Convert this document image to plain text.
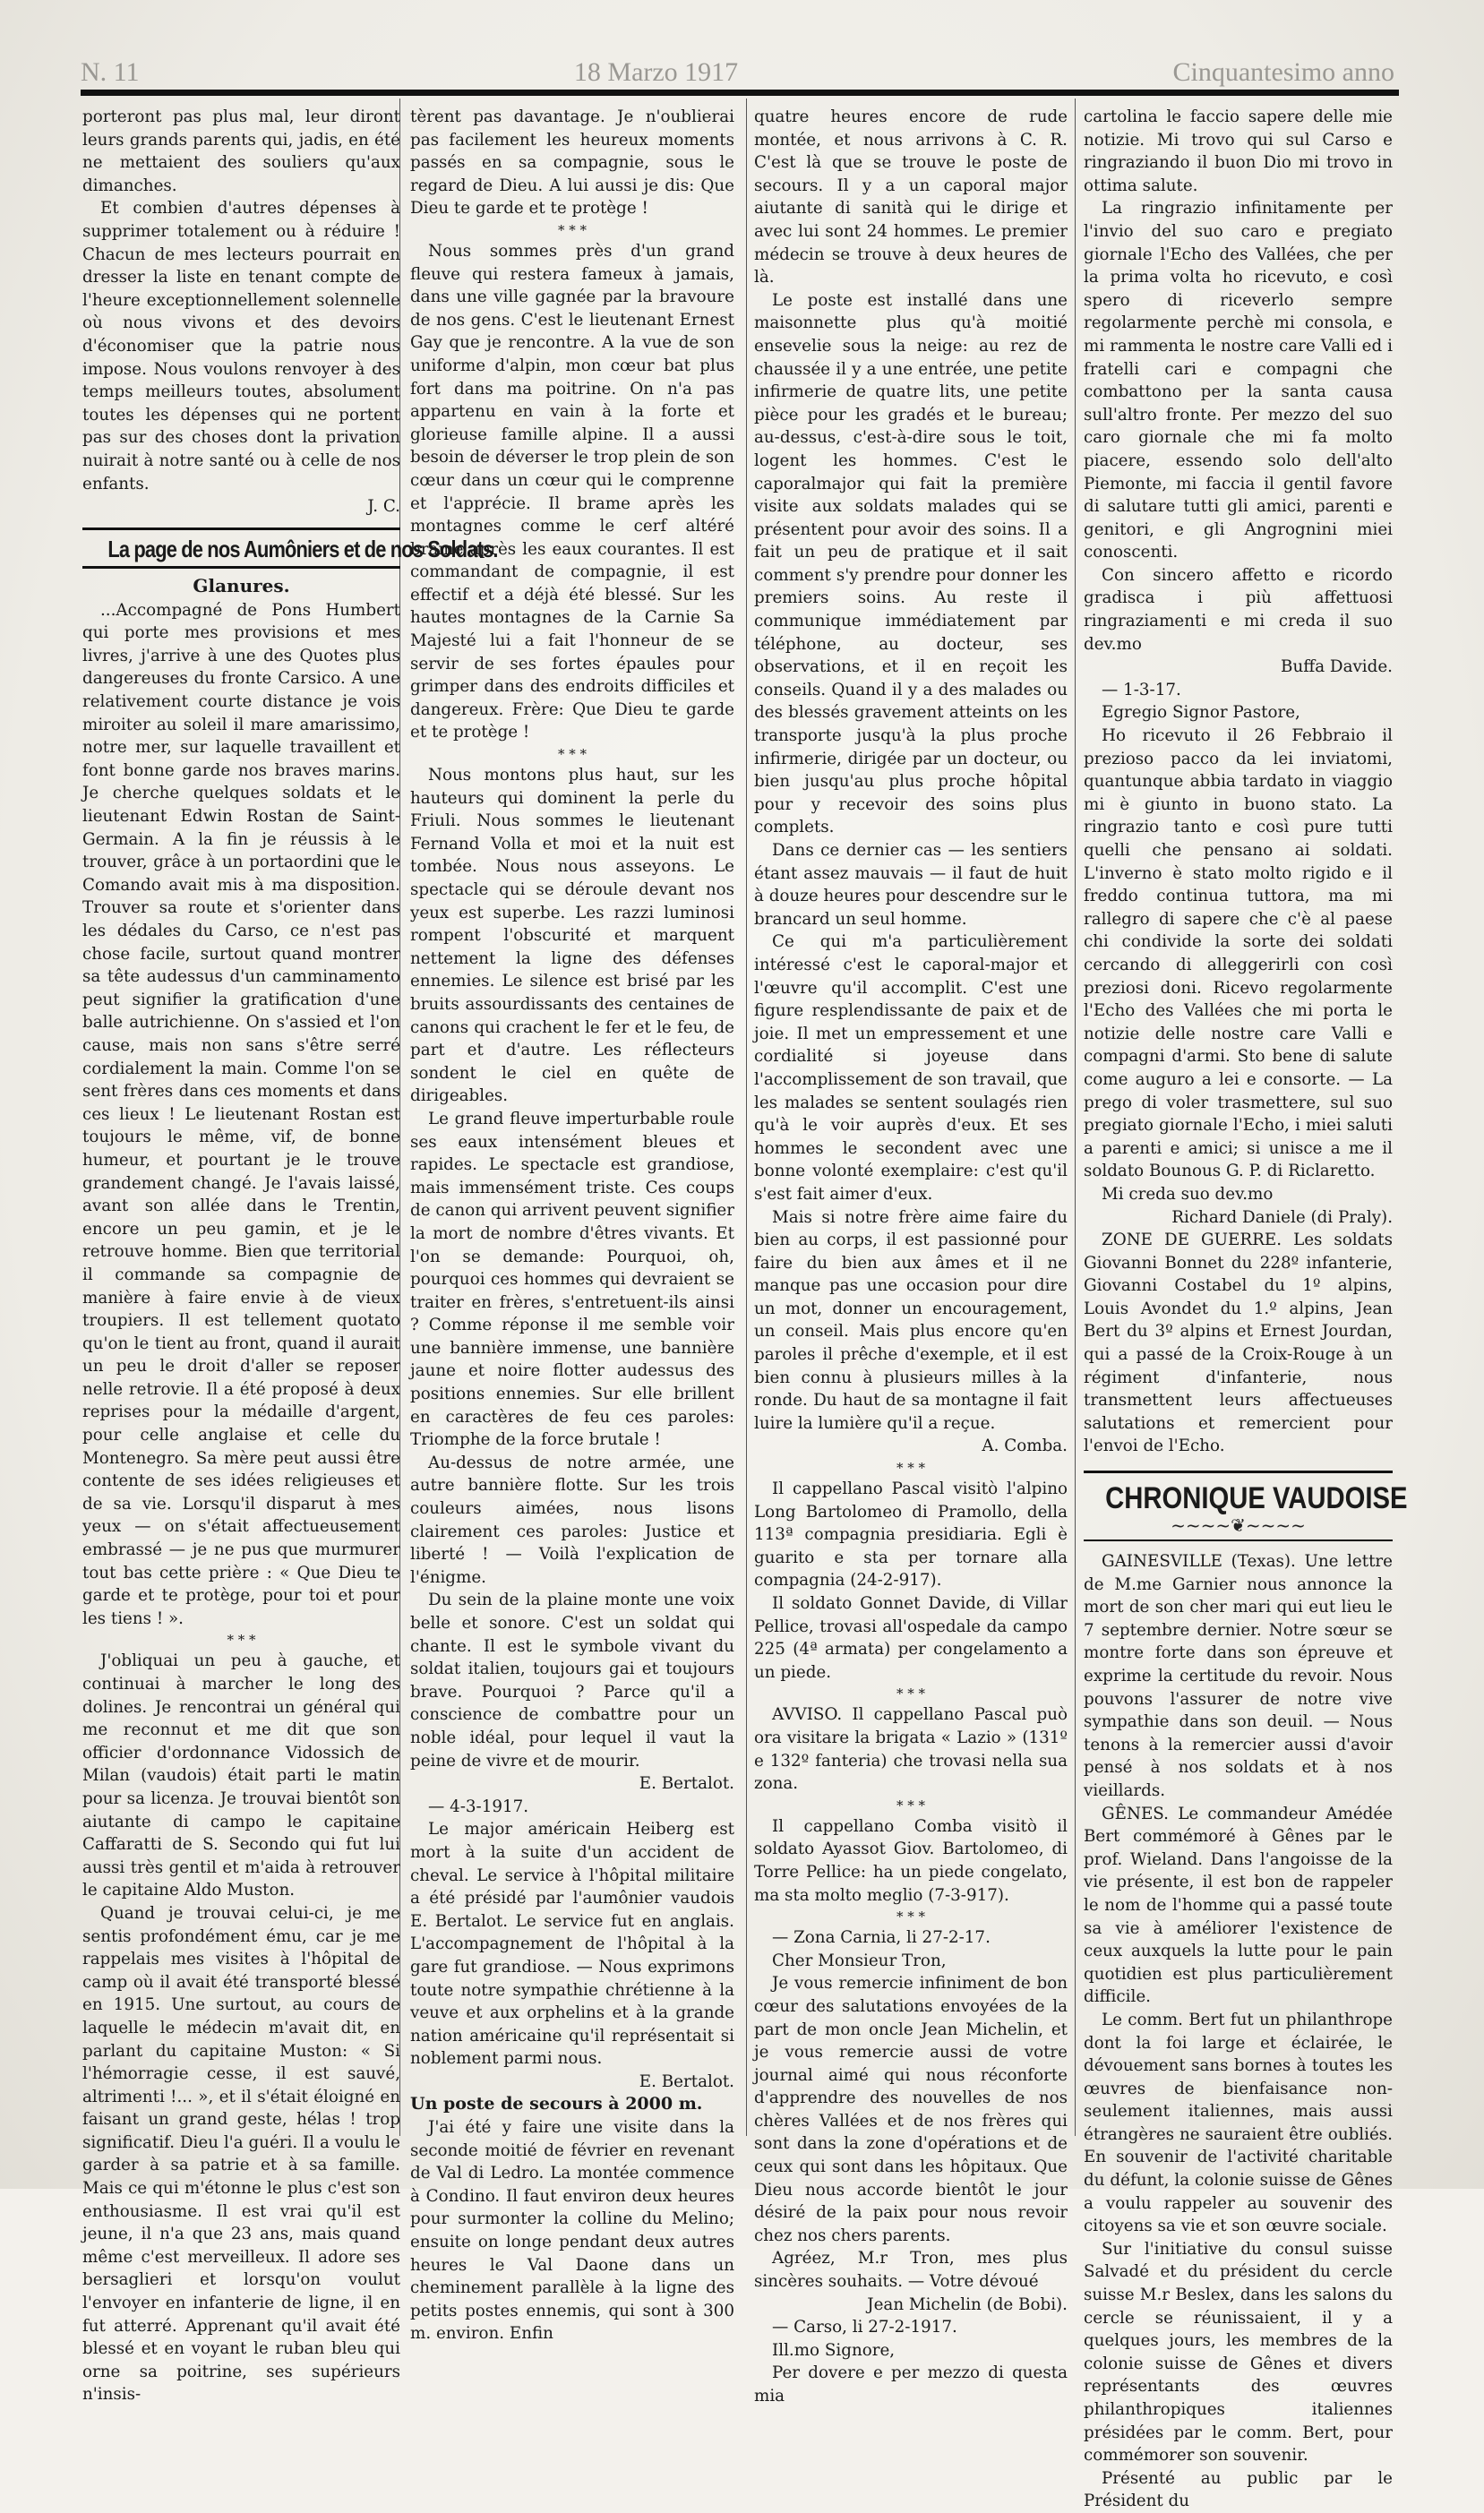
N. 11	18 Marzo 1917	Cinquantesimo anno

porteront pas plus mal, leur diront leurs grands parents qui, jadis, en été ne mettaient des souliers qu'aux dimanches.

Et combien d'autres dépenses à supprimer totalement ou à réduire ! Chacun de mes lecteurs pourrait en dresser la liste en tenant compte de l'heure exceptionnellement solennelle où nous vivons et des devoirs d'économiser que la patrie nous impose. Nous voulons renvoyer à des temps meilleurs toutes, absolument toutes les dépenses qui ne portent pas sur des choses dont la privation nuirait à notre santé ou à celle de nos enfants.

J. C.

La page de nos Aumôniers et de nos Soldats.
Glanures.

...Accompagné de Pons Humbert qui porte mes provisions et mes livres, j'arrive à une des Quotes plus dangereuses du fronte Carsico. A une relativement courte distance je vois miroiter au soleil il mare amarissimo, notre mer, sur laquelle travaillent et font bonne garde nos braves marins. Je cherche quelques soldats et le lieutenant Edwin Rostan de Saint-Germain. A la fin je réussis à le trouver, grâce à un portaordini que le Comando avait mis à ma disposition. Trouver sa route et s'orienter dans les dédales du Carso, ce n'est pas chose facile, surtout quand montrer sa tête audessus d'un camminamento peut signifier la gratification d'une balle autrichienne. On s'assied et l'on cause, mais non sans s'être serré cordialement la main. Comme l'on se sent frères dans ces moments et dans ces lieux ! Le lieutenant Rostan est toujours le même, vif, de bonne humeur, et pourtant je le trouve grandement changé. Je l'avais laissé, avant son allée dans le Trentin, encore un peu gamin, et je le retrouve homme. Bien que territorial il commande sa compagnie de manière à faire envie à de vieux troupiers. Il est tellement quotato qu'on le tient au front, quand il aurait un peu le droit d'aller se reposer nelle retrovie. Il a été proposé à deux reprises pour la médaille d'argent, pour celle anglaise et celle du Montenegro. Sa mère peut aussi être contente de ses idées religieuses et de sa vie. Lorsqu'il disparut à mes yeux — on s'était affectueusement embrassé — je ne pus que murmurer tout bas cette prière : « Que Dieu te garde et te protège, pour toi et pour les tiens ! ».

* * *

J'obliquai un peu à gauche, et continuai à marcher le long des dolines. Je rencontrai un général qui me reconnut et me dit que son officier d'ordonnance Vidossich de Milan (vaudois) était parti le matin pour sa licenza. Je trouvai bientôt son aiutante di campo le capitaine Caffaratti de S. Secondo qui fut lui aussi très gentil et m'aida à retrouver le capitaine Aldo Muston.

Quand je trouvai celui-ci, je me sentis profondément ému, car je me rappelais mes visites à l'hôpital de camp où il avait été transporté blessé en 1915. Une surtout, au cours de laquelle le médecin m'avait dit, en parlant du capitaine Muston: « Si l'hémorragie cesse, il est sauvé, altrimenti !... », et il s'était éloigné en faisant un grand geste, hélas ! trop significatif. Dieu l'a guéri. Il a voulu le garder à sa patrie et à sa famille. Mais ce qui m'étonne le plus c'est son enthousiasme. Il est vrai qu'il est jeune, il n'a que 23 ans, mais quand même c'est merveilleux. Il adore ses bersaglieri et lorsqu'on voulut l'envoyer en infanterie de ligne, il en fut atterré. Apprenant qu'il avait été blessé et en voyant le ruban bleu qui orne sa poitrine, ses supérieurs n'insis-

tèrent pas davantage. Je n'oublierai pas facilement les heureux moments passés en sa compagnie, sous le regard de Dieu. A lui aussi je dis: Que Dieu te garde et te protège !

* * *

Nous sommes près d'un grand fleuve qui restera fameux à jamais, dans une ville gagnée par la bravoure de nos gens. C'est le lieutenant Ernest Gay que je rencontre. A la vue de son uniforme d'alpin, mon cœur bat plus fort dans ma poitrine. On n'a pas appartenu en vain à la forte et glorieuse famille alpine. Il a aussi besoin de déverser le trop plein de son cœur dans un cœur qui le comprenne et l'apprécie. Il brame après les montagnes comme le cerf altéré brame après les eaux courantes. Il est commandant de compagnie, il est effectif et a déjà été blessé. Sur les hautes montagnes de la Carnie Sa Majesté lui a fait l'honneur de se servir de ses fortes épaules pour grimper dans des endroits difficiles et dangereux. Frère: Que Dieu te garde et te protège !

* * *

Nous montons plus haut, sur les hauteurs qui dominent la perle du Friuli. Nous sommes le lieutenant Fernand Volla et moi et la nuit est tombée. Nous nous asseyons. Le spectacle qui se déroule devant nos yeux est superbe. Les razzi luminosi rompent l'obscurité et marquent nettement la ligne des défenses ennemies. Le silence est brisé par les bruits assourdissants des centaines de canons qui crachent le fer et le feu, de part et d'autre. Les réflecteurs sondent le ciel en quête de dirigeables.

Le grand fleuve imperturbable roule ses eaux intensément bleues et rapides. Le spectacle est grandiose, mais immensément triste. Ces coups de canon qui arrivent peuvent signifier la mort de nombre d'êtres vivants. Et l'on se demande: Pourquoi, oh, pourquoi ces hommes qui devraient se traiter en frères, s'entretuent-ils ainsi ? Comme réponse il me semble voir une bannière immense, une bannière jaune et noire flotter audessus des positions ennemies. Sur elle brillent en caractères de feu ces paroles: Triomphe de la force brutale !

Au-dessus de notre armée, une autre bannière flotte. Sur les trois couleurs aimées, nous lisons clairement ces paroles: Justice et liberté ! — Voilà l'explication de l'énigme.

Du sein de la plaine monte une voix belle et sonore. C'est un soldat qui chante. Il est le symbole vivant du soldat italien, toujours gai et toujours brave. Pourquoi ? Parce qu'il a conscience de combattre pour un noble idéal, pour lequel il vaut la peine de vivre et de mourir.

E. Bertalot.

— 4-3-1917.

Le major américain Heiberg est mort à la suite d'un accident de cheval. Le service à l'hôpital militaire a été présidé par l'aumônier vaudois E. Bertalot. Le service fut en anglais. L'accompagnement de l'hôpital à la gare fut grandiose. — Nous exprimons toute notre sympathie chrétienne à la veuve et aux orphelins et à la grande nation américaine qu'il représentait si noblement parmi nous.

E. Bertalot.

Un poste de secours à 2000 m.

J'ai été y faire une visite dans la seconde moitié de février en revenant de Val di Ledro. La montée commence à Condino. Il faut environ deux heures pour surmonter la colline du Melino; ensuite on longe pendant deux autres heures le Val Daone dans un cheminement parallèle à la ligne des petits postes ennemis, qui sont à 300 m. environ. Enfin

quatre heures encore de rude montée, et nous arrivons à C. R. C'est là que se trouve le poste de secours. Il y a un caporal major aiutante di sanità qui le dirige et avec lui sont 24 hommes. Le premier médecin se trouve à deux heures de là.

Le poste est installé dans une maisonnette plus qu'à moitié ensevelie sous la neige: au rez de chaussée il y a une entrée, une petite infirmerie de quatre lits, une petite pièce pour les gradés et le bureau; au-dessus, c'est-à-dire sous le toit, logent les hommes. C'est le caporalmajor qui fait la première visite aux soldats malades qui se présentent pour avoir des soins. Il a fait un peu de pratique et il sait comment s'y prendre pour donner les premiers soins. Au reste il communique immédiatement par téléphone, au docteur, ses observations, et il en reçoit les conseils. Quand il y a des malades ou des blessés gravement atteints on les transporte jusqu'à la plus proche infirmerie, dirigée par un docteur, ou bien jusqu'au plus proche hôpital pour y recevoir des soins plus complets.

Dans ce dernier cas — les sentiers étant assez mauvais — il faut de huit à douze heures pour descendre sur le brancard un seul homme.

Ce qui m'a particulièrement intéressé c'est le caporal-major et l'œuvre qu'il accomplit. C'est une figure resplendissante de paix et de joie. Il met un empressement et une cordialité si joyeuse dans l'accomplissement de son travail, que les malades se sentent soulagés rien qu'à le voir auprès d'eux. Et ses hommes le secondent avec une bonne volonté exemplaire: c'est qu'il s'est fait aimer d'eux.

Mais si notre frère aime faire du bien au corps, il est passionné pour faire du bien aux âmes et il ne manque pas une occasion pour dire un mot, donner un encouragement, un conseil. Mais plus encore qu'en paroles il prêche d'exemple, et il est bien connu à plusieurs milles à la ronde. Du haut de sa montagne il fait luire la lumière qu'il a reçue.

A. Comba.

* * *

Il cappellano Pascal visitò l'alpino Long Bartolomeo di Pramollo, della 113ª compagnia presidiaria. Egli è guarito e sta per tornare alla compagnia (24-2-917).

Il soldato Gonnet Davide, di Villar Pellice, trovasi all'ospedale da campo 225 (4ª armata) per congelamento a un piede.

* * *

AVVISO. Il cappellano Pascal può ora visitare la brigata « Lazio » (131º e 132º fanteria) che trovasi nella sua zona.

* * *

Il cappellano Comba visitò il soldato Ayassot Giov. Bartolomeo, di Torre Pellice: ha un piede congelato, ma sta molto meglio (7-3-917).

* * *

— Zona Carnia, li 27-2-17.

Cher Monsieur Tron,

Je vous remercie infiniment de bon cœur des salutations envoyées de la part de mon oncle Jean Michelin, et je vous remercie aussi de votre journal aimé qui nous réconforte d'apprendre des nouvelles de nos chères Vallées et de nos frères qui sont dans la zone d'opérations et de ceux qui sont dans les hôpitaux. Que Dieu nous accorde bientôt le jour désiré de la paix pour nous revoir chez nos chers parents.

Agréez, M.r Tron, mes plus sincères souhaits. — Votre dévoué

Jean Michelin (de Bobi).

— Carso, li 27-2-1917.

Ill.mo Signore,

Per dovere e per mezzo di questa mia

cartolina le faccio sapere delle mie notizie. Mi trovo qui sul Carso e ringraziando il buon Dio mi trovo in ottima salute.

La ringrazio infinitamente per l'invio del suo caro e pregiato giornale l'Echo des Vallées, che per la prima volta ho ricevuto, e così spero di riceverlo sempre regolarmente perchè mi consola, e mi rammenta le nostre care Valli ed i fratelli cari e compagni che combattono per la santa causa sull'altro fronte. Per mezzo del suo caro giornale che mi fa molto piacere, essendo solo dell'alto Piemonte, mi faccia il gentil favore di salutare tutti gli amici, parenti e genitori, e gli Angrognini miei conoscenti.

Con sincero affetto e ricordo gradisca i più affettuosi ringraziamenti e mi creda il suo dev.mo

Buffa Davide.

— 1-3-17.

Egregio Signor Pastore,

Ho ricevuto il 26 Febbraio il prezioso pacco da lei inviatomi, quantunque abbia tardato in viaggio mi è giunto in buono stato. La ringrazio tanto e così pure tutti quelli che pensano ai soldati. L'inverno è stato molto rigido e il freddo continua tuttora, ma mi rallegro di sapere che c'è al paese chi condivide la sorte dei soldati cercando di alleggerirli con così preziosi doni. Ricevo regolarmente l'Echo des Vallées che mi porta le notizie delle nostre care Valli e compagni d'armi. Sto bene di salute come auguro a lei e consorte. — La prego di voler trasmettere, sul suo pregiato giornale l'Echo, i miei saluti a parenti e amici; si unisce a me il soldato Bounous G. P. di Riclaretto.

Mi creda suo dev.mo

Richard Daniele (di Praly).

ZONE DE GUERRE. Les soldats Giovanni Bonnet du 228º infanterie, Giovanni Costabel du 1º alpins, Louis Avondet du 1.º alpins, Jean Bert du 3º alpins et Ernest Jourdan, qui a passé de la Croix-Rouge à un régiment d'infanterie, nous transmettent leurs affectueuses salutations et remercient pour l'envoi de l'Echo.

CHRONIQUE VAUDOISE
~~~~❦~~~~

GAINESVILLE (Texas). Une lettre de M.me Garnier nous annonce la mort de son cher mari qui eut lieu le 7 septembre dernier. Notre sœur se montre forte dans son épreuve et exprime la certitude du revoir. Nous pouvons l'assurer de notre vive sympathie dans son deuil. — Nous tenons à la remercier aussi d'avoir pensé à nos soldats et à nos vieillards.

GÊNES. Le commandeur Amédée Bert commémoré à Gênes par le prof. Wieland. Dans l'angoisse de la vie présente, il est bon de rappeler le nom de l'homme qui a passé toute sa vie à améliorer l'existence de ceux auxquels la lutte pour le pain quotidien est plus particulièrement difficile.

Le comm. Bert fut un philanthrope dont la foi large et éclairée, le dévouement sans bornes à toutes les œuvres de bienfaisance non-seulement italiennes, mais aussi étrangères ne sauraient être oubliés. En souvenir de l'activité charitable du défunt, la colonie suisse de Gênes a voulu rappeler au souvenir des citoyens sa vie et son œuvre sociale.

Sur l'initiative du consul suisse Salvadé et du président du cercle suisse M.r Beslex, dans les salons du cercle se réunissaient, il y a quelques jours, les membres de la colonie suisse de Gênes et divers représentants des œuvres philanthropiques italiennes présidées par le comm. Bert, pour commémorer son souvenir.

Présenté au public par le Président du
